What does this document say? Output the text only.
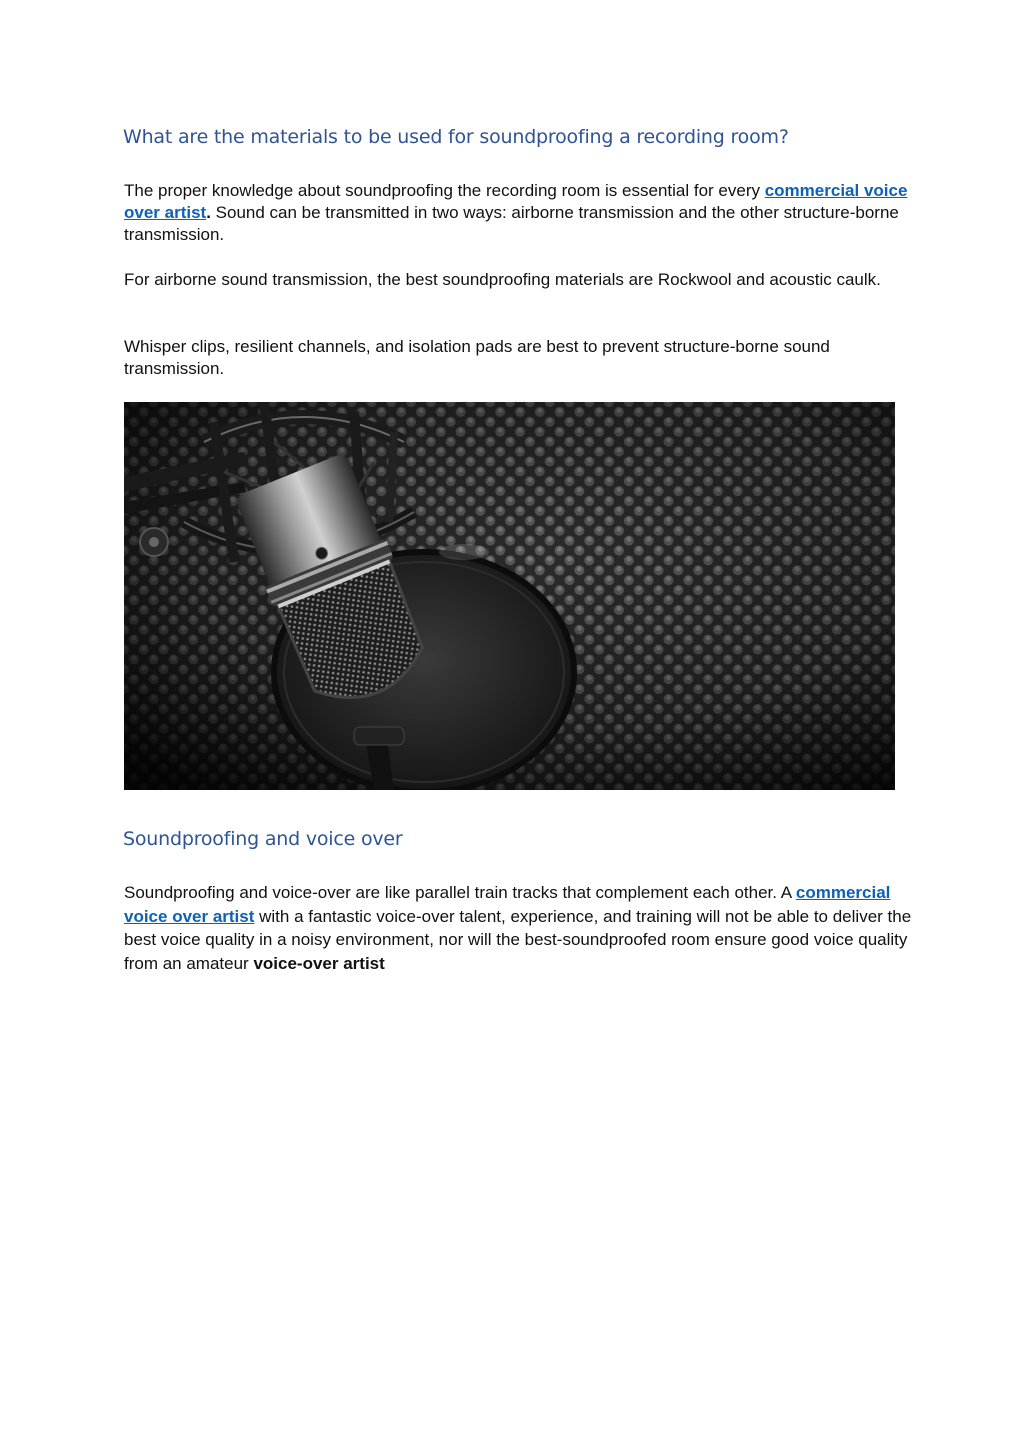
What are the materials to be used for soundproofing a recording room?

The proper knowledge about soundproofing the recording room is essential for every commercial voice over artist. Sound can be transmitted in two ways: airborne transmission and the other structure-borne transmission.

For airborne sound transmission, the best soundproofing materials are Rockwool and acoustic caulk.

Whisper clips, resilient channels, and isolation pads are best to prevent structure-borne sound transmission.

Soundproofing and voice over

Soundproofing and voice-over are like parallel train tracks that complement each other. A commercial voice over artist with a fantastic voice-over talent, experience, and training will not be able to deliver the best voice quality in a noisy environment, nor will the best-soundproofed room ensure good voice quality from an amateur voice-over artist
